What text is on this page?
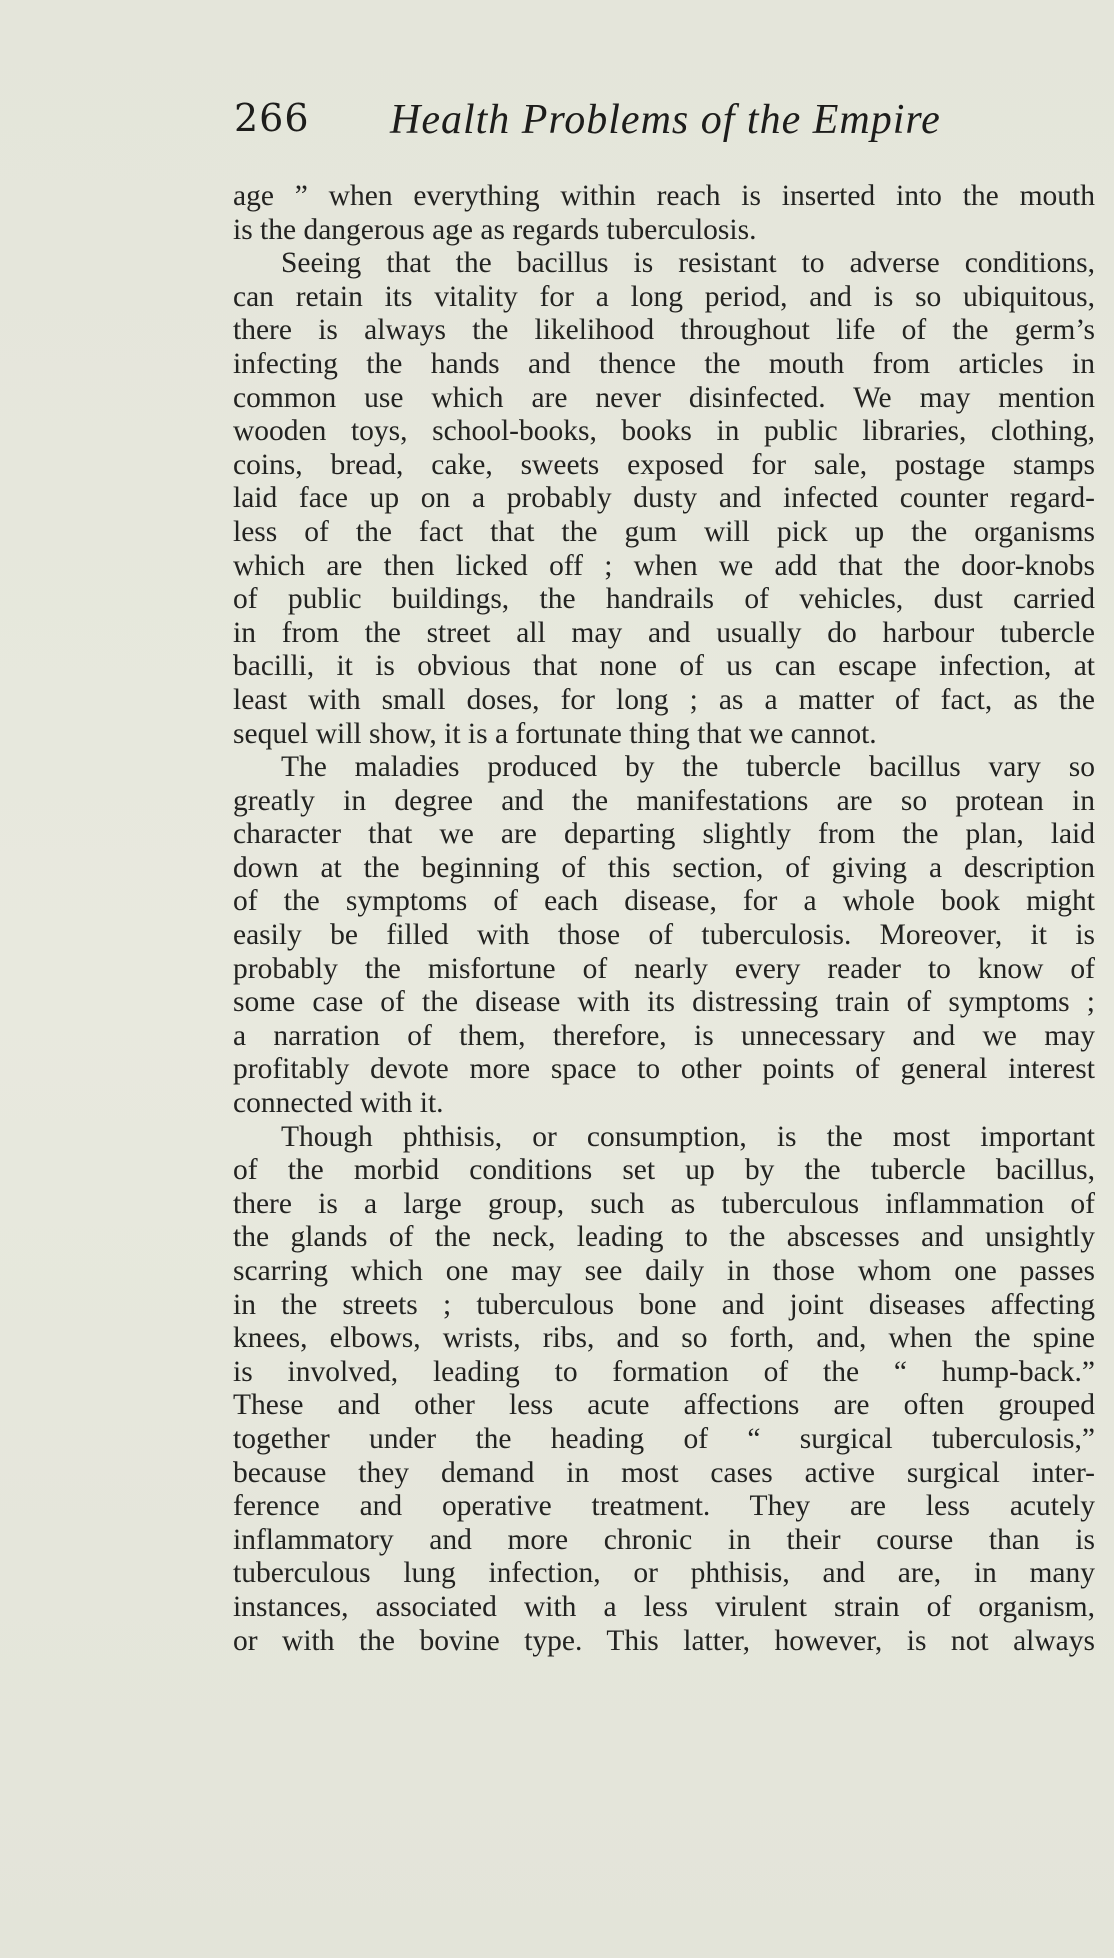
266 Health Problems of the Empire
age ” when everything within reach is inserted into the mouth
is the dangerous age as regards tuberculosis.
Seeing that the bacillus is resistant to adverse conditions,
can retain its vitality for a long period, and is so ubiquitous,
there is always the likelihood throughout life of the germ’s
infecting the hands and thence the mouth from articles in
common use which are never disinfected. We may mention
wooden toys, school-books, books in public libraries, clothing,
coins, bread, cake, sweets exposed for sale, postage stamps
laid face up on a probably dusty and infected counter regard-
less of the fact that the gum will pick up the organisms
which are then licked off ; when we add that the door-knobs
of public buildings, the handrails of vehicles, dust carried
in from the street all may and usually do harbour tubercle
bacilli, it is obvious that none of us can escape infection, at
least with small doses, for long ; as a matter of fact, as the
sequel will show, it is a fortunate thing that we cannot.
The maladies produced by the tubercle bacillus vary so
greatly in degree and the manifestations are so protean in
character that we are departing slightly from the plan, laid
down at the beginning of this section, of giving a description
of the symptoms of each disease, for a whole book might
easily be filled with those of tuberculosis. Moreover, it is
probably the misfortune of nearly every reader to know of
some case of the disease with its distressing train of symptoms ;
a narration of them, therefore, is unnecessary and we may
profitably devote more space to other points of general interest
connected with it.
Though phthisis, or consumption, is the most important
of the morbid conditions set up by the tubercle bacillus,
there is a large group, such as tuberculous inflammation of
the glands of the neck, leading to the abscesses and unsightly
scarring which one may see daily in those whom one passes
in the streets ; tuberculous bone and joint diseases affecting
knees, elbows, wrists, ribs, and so forth, and, when the spine
is involved, leading to formation of the “ hump-back.”
These and other less acute affections are often grouped
together under the heading of “ surgical tuberculosis,”
because they demand in most cases active surgical inter-
ference and operative treatment. They are less acutely
inflammatory and more chronic in their course than is
tuberculous lung infection, or phthisis, and are, in many
instances, associated with a less virulent strain of organism,
or with the bovine type. This latter, however, is not always
